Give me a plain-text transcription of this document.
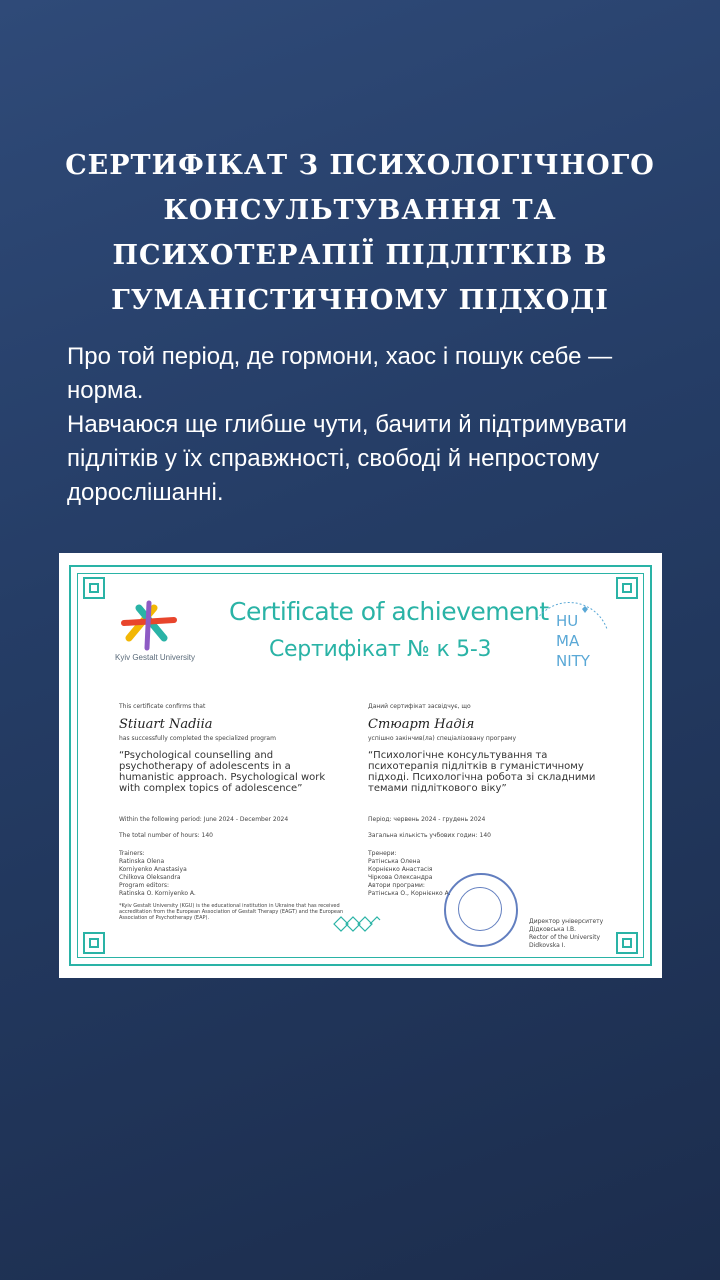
СЕРТИФІКАТ З ПСИХОЛОГІЧНОГО
КОНСУЛЬТУВАННЯ ТА
ПСИХОТЕРАПІЇ ПІДЛІТКІВ В
ГУМАНІСТИЧНОМУ ПІДХОДІ
Про той період, де гормони, хаос і пошук себе — норма.
Навчаюся ще глибше чути, бачити й підтримувати підлітків у їх справжності, свободі й непростому дорослішанні.
Kyiv Gestalt University
Certificate of achievement
Сертифікат № к 5-3
HU
MA
NITY
This certificate confirms that
Stiuart Nadiia
has successfully completed the specialized program
“Psychological counselling and psychotherapy of adolescents in a humanistic approach. Psychological work with complex topics of adolescence”
Within the following period: June 2024 - December 2024
The total number of hours: 140
Trainers:
Ratinska Olena
Korniyenko Anastasiya
Chilkova Oleksandra
Program editors:
Ratinska O. Korniyenko A.
*Kyiv Gestalt University (KGU) is the educational institution in Ukraine that has received accreditation from the European Association of Gestalt Therapy (EAGT) and the European Association of Psychotherapy (EAP).
Даний сертифікат засвідчує, що
Стюарт Надія
успішно закінчив(ла) спеціалізовану програму
“Психологічне консультування та психотерапія підлітків в гуманістичному підході. Психологічна робота зі складними темами підліткового віку”
Період: червень 2024 - грудень 2024
Загальна кількість учбових годин: 140
Тренери:
Ратінська Олена
Корнієнко Анастасія
Чіркова Олександра
Автори програми:
Ратінська О., Корнієнко А.
Директор університету Дідковська І.В.
Rector of the University Didkovska I.
